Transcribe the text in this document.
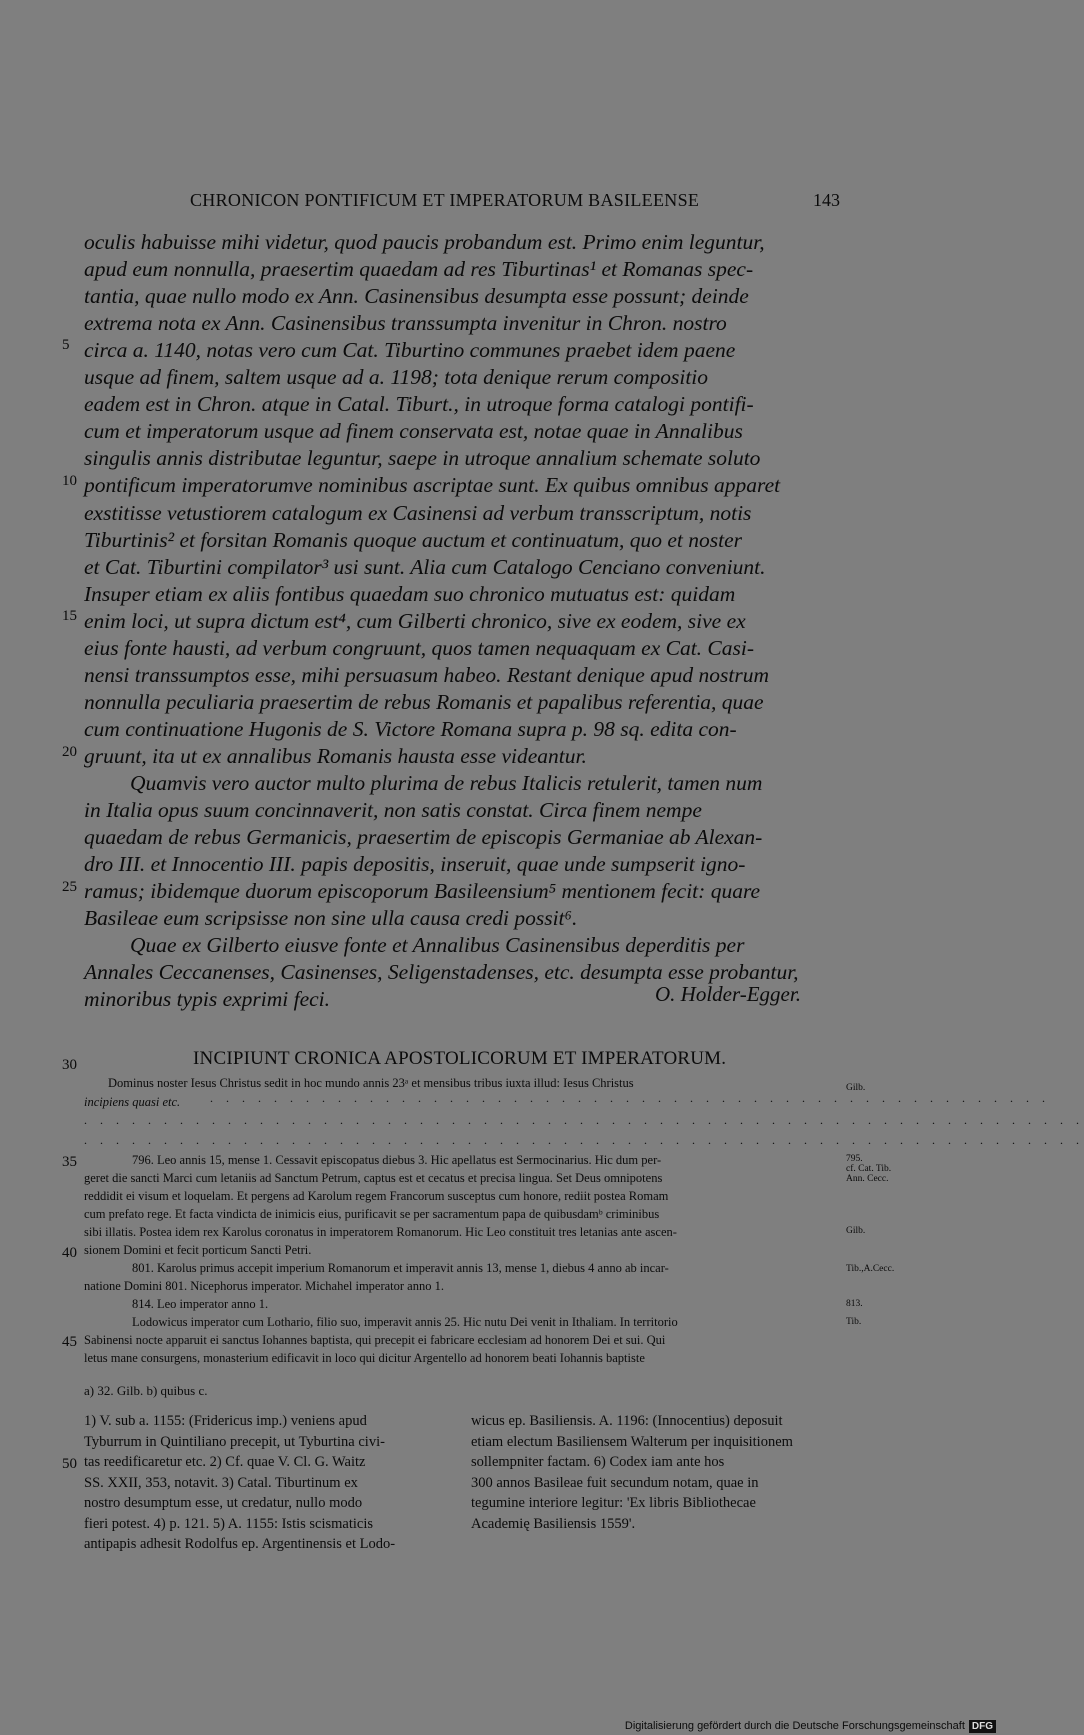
CHRONICON PONTIFICUM ET IMPERATORUM BASILEENSE	143
oculis habuisse mihi videtur, quod paucis probandum est. Primo enim leguntur,
apud eum nonnulla, praesertim quaedam ad res Tiburtinas¹ et Romanas spec-
tantia, quae nullo modo ex Ann. Casinensibus desumpta esse possunt; deinde
extrema nota ex Ann. Casinensibus transsumpta invenitur in Chron. nostro
circa a. 1140, notas vero cum Cat. Tiburtino communes praebet idem paene
usque ad finem, saltem usque ad a. 1198; tota denique rerum compositio
eadem est in Chron. atque in Catal. Tiburt., in utroque forma catalogi pontifi-
cum et imperatorum usque ad finem conservata est, notae quae in Annalibus
singulis annis distributae leguntur, saepe in utroque annalium schemate soluto
pontificum imperatorumve nominibus ascriptae sunt. Ex quibus omnibus apparet
exstitisse vetustiorem catalogum ex Casinensi ad verbum transscriptum, notis
Tiburtinis² et forsitan Romanis quoque auctum et continuatum, quo et noster
et Cat. Tiburtini compilator³ usi sunt. Alia cum Catalogo Cenciano conveniunt.
Insuper etiam ex aliis fontibus quaedam suo chronico mutuatus est: quidam
enim loci, ut supra dictum est⁴, cum Gilberti chronico, sive ex eodem, sive ex
eius fonte hausti, ad verbum congruunt, quos tamen nequaquam ex Cat. Casi-
nensi transsumptos esse, mihi persuasum habeo. Restant denique apud nostrum
nonnulla peculiaria praesertim de rebus Romanis et papalibus referentia, quae
cum continuatione Hugonis de S. Victore Romana supra p. 98 sq. edita con-
gruunt, ita ut ex annalibus Romanis hausta esse videantur.
Quamvis vero auctor multo plurima de rebus Italicis retulerit, tamen num
in Italia opus suum concinnaverit, non satis constat. Circa finem nempe
quaedam de rebus Germanicis, praesertim de episcopis Germaniae ab Alexan-
dro III. et Innocentio III. papis depositis, inseruit, quae unde sumpserit igno-
ramus; ibidemque duorum episcoporum Basileensium⁵ mentionem fecit: quare
Basileae eum scripsisse non sine ulla causa credi possit⁶.
Quae ex Gilberto eiusve fonte et Annalibus Casinensibus deperditis per
Annales Ceccanenses, Casinenses, Seligenstadenses, etc. desumpta esse probantur,
minoribus typis exprimi feci.	O. Holder-Egger.
5
10
15
20
25
30
35
40
45
50
INCIPIUNT CRONICA APOSTOLICORUM ET IMPERATORUM.
Dominus noster Iesus Christus sedit in hoc mundo annis 23ᵃ et mensibus tribus iuxta illud: Iesus Christus
incipiens quasi etc.	. . . . . . . . . . . . . . . . . . . . . . . . . . . . . . . . . . . . . . . . . . . . . . . . . . . . .
. . . . . . . . . . . . . . . . . . . . . . . . . . . . . . . . . . . . . . . . . . . . . . . . . . . . . . . . . . . . . . .
. . . . . . . . . . . . . . . . . . . . . . . . . . . . . . . . . . . . . . . . . . . . . . . . . . . . . . . . . . . . . . .
796. Leo annis 15, mense 1. Cessavit episcopatus diebus 3. Hic apellatus est Sermocinarius. Hic dum per-
geret die sancti Marci cum letaniis ad Sanctum Petrum, captus est et cecatus et precisa lingua. Set Deus omnipotens
reddidit ei visum et loquelam. Et pergens ad Karolum regem Francorum susceptus cum honore, rediit postea Romam
cum prefato rege. Et facta vindicta de inimicis eius, purificavit se per sacramentum papa de quibusdamᵇ criminibus
sibi illatis. Postea idem rex Karolus coronatus in imperatorem Romanorum. Hic Leo constituit tres letanias ante ascen-
sionem Domini et fecit porticum Sancti Petri.
801. Karolus primus accepit imperium Romanorum et imperavit annis 13, mense 1, diebus 4 anno ab incar-
natione Domini 801. Nicephorus imperator. Michahel imperator anno 1.
814. Leo imperator anno 1.
Lodowicus imperator cum Lothario, filio suo, imperavit annis 25. Hic nutu Dei venit in Ithaliam. In territorio
Sabinensi nocte apparuit ei sanctus Iohannes baptista, qui precepit ei fabricare ecclesiam ad honorem Dei et sui. Qui
letus mane consurgens, monasterium edificavit in loco qui dicitur Argentello ad honorem beati Iohannis baptiste
Gilb.
795.
cf. Cat. Tib.
Ann. Cecc.
Gilb.
Tib.,A.Cecc.
813.
Tib.
a) 32. Gilb. b) quibus c.
1) V. sub a. 1155: (Fridericus imp.) veniens apud
Tyburrum in Quintiliano precepit, ut Tyburtina civi-
tas reedificaretur etc. 2) Cf. quae V. Cl. G. Waitz
SS. XXII, 353, notavit. 3) Catal. Tiburtinum ex
nostro desumptum esse, ut credatur, nullo modo
fieri potest. 4) p. 121. 5) A. 1155: Istis scismaticis
antipapis adhesit Rodolfus ep. Argentinensis et Lodo-
wicus ep. Basiliensis. A. 1196: (Innocentius) deposuit
etiam electum Basiliensem Walterum per inquisitionem
sollempniter factam. 6) Codex iam ante hos
300 annos Basileae fuit secundum notam, quae in
tegumine interiore legitur: 'Ex libris Bibliothecae
Academię Basiliensis 1559'.
Digitalisierung gefördert durch die Deutsche Forschungsgemeinschaft DFG
